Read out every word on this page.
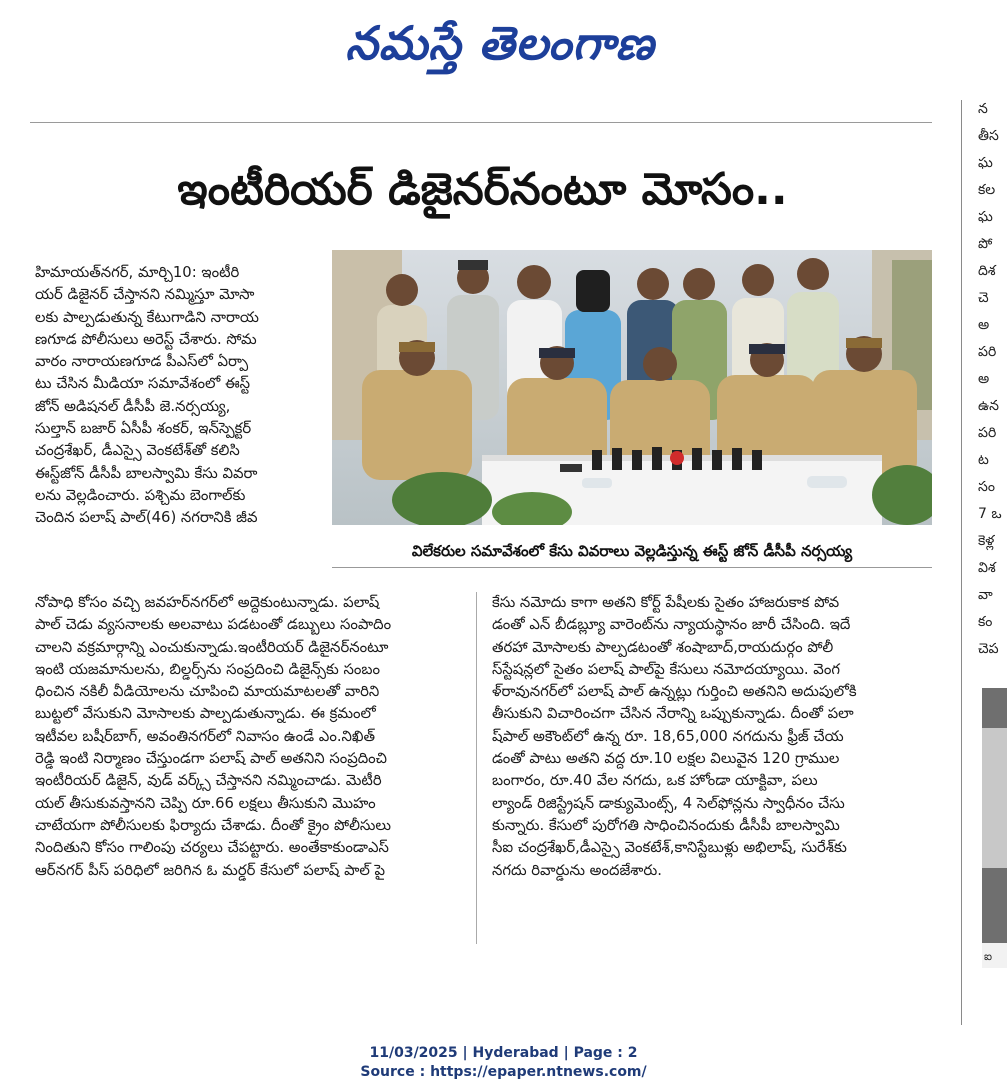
నమస్తే తెలంగాణ
ఇంటీరియర్ డిజైనర్‌నంటూ మోసం..
హిమాయత్‌నగర్, మార్చి10: ఇంటీరి
యర్ డిజైనర్ చేస్తానని నమ్మిస్తూ మోసా
లకు పాల్పడుతున్న కేటుగాడిని నారాయ
ణగూడ పోలీసులు అరెస్ట్ చేశారు. సోమ
వారం నారాయణగూడ పీఎస్‌లో ఏర్పా
టు చేసిన మీడియా సమావేశంలో ఈస్ట్
జోన్ అడిషనల్ డీసీపీ జె.నర్సయ్య,
సుల్తాన్ బజార్ ఏసీపీ శంకర్, ఇన్‌స్పెక్టర్
చంద్రశేఖర్, డీఎస్సై వెంకటేశ్‌తో కలిసి
ఈస్ట్‌జోన్ డీసీపీ బాలస్వామి కేసు వివరా
లను వెల్లడించారు. పశ్చిమ బెంగాల్‌కు
చెందిన పలాష్ పాల్(46) నగరానికి జీవ
విలేకరుల సమావేశంలో కేసు వివరాలు వెల్లడిస్తున్న ఈస్ట్ జోన్ డీసీపీ నర్సయ్య
నోపాధి కోసం వచ్చి జవహర్‌నగర్‌లో అద్దెకుంటున్నాడు. పలాష్
పాల్ చెడు వ్యసనాలకు అలవాటు పడటంతో డబ్బులు సంపాదిం
చాలని వక్రమార్గాన్ని ఎంచుకున్నాడు.ఇంటీరియర్ డిజైనర్‌నంటూ
ఇంటి యజమానులను, బిల్డర్స్‌ను సంప్రదించి డిజైన్స్‌కు సంబం
ధించిన నకిలీ వీడియోలను చూపించి మాయమాటలతో వారిని
బుట్టలో వేసుకుని మోసాలకు పాల్పడుతున్నాడు. ఈ క్రమంలో
ఇటీవల బషీర్‌బాగ్, అవంతినగర్‌లో నివాసం ఉండే ఎం.నిఖిత్
రెడ్డి ఇంటి నిర్మాణం చేస్తుండగా పలాష్ పాల్ అతనిని సంప్రదించి
ఇంటీరియర్ డిజైన్, వుడ్ వర్క్స్ చేస్తానని నమ్మించాడు. మెటీరి
యల్ తీసుకువస్తానని చెప్పి రూ.66 లక్షలు తీసుకుని మొహం
చాటేయగా పోలీసులకు ఫిర్యాదు చేశాడు. దీంతో క్రైం పోలీసులు
నిందితుని కోసం గాలింపు చర్యలు చేపట్టారు. అంతేకాకుండాఎస్
ఆర్‌నగర్ పీస్ పరిధిలో జరిగిన ఓ మర్డర్ కేసులో పలాష్ పాల్ పై
కేసు నమోదు కాగా అతని కోర్ట్ పేషీలకు సైతం హాజరుకాక పోవ
డంతో ఎన్ బీడబ్ల్యూ వారెంట్‌ను న్యాయస్థానం జారీ చేసింది. ఇదే
తరహా మోసాలకు పాల్పడటంతో శంషాబాద్,రాయదుర్గం పోలీ
స్‌స్టేషన్లలో సైతం పలాష్ పాల్‌పై కేసులు నమోదయ్యాయి. వెంగ
ళ్‌రావునగర్‌లో పలాష్ పాల్ ఉన్నట్లు గుర్తించి అతనిని అదుపులోకి
తీసుకుని విచారించగా చేసిన నేరాన్ని ఒప్పుకున్నాడు. దీంతో పలా
ష్‌పాల్ అకౌంట్‌లో ఉన్న రూ. 18,65,000 నగదును ఫ్రీజ్ చేయ
డంతో పాటు అతని వద్ద రూ.10 లక్షల విలువైన 120 గ్రాముల
బంగారం, రూ.40 వేల నగదు, ఒక హోండా యాక్టివా, పలు
ల్యాండ్ రిజిస్ట్రేషన్ డాక్యుమెంట్స్, 4 సెల్‌ఫోన్లను స్వాధీనం చేసు
కున్నారు. కేసులో పురోగతి సాధించినందుకు డీసీపీ బాలస్వామి
సీఐ చంద్రశేఖర్,డీఎస్సై వెంకటేశ్,కానిస్టేబుళ్లు అభిలాష్, సురేశ్‌కు
నగదు రివార్డును అందజేశారు.
న
తీస
ఘ
కల
ఘ
పో
దిశ
చె
అ
పరి
అ
ఉన
పరి
ట
సం
7 ఒ
కెళ్ల
విశ
వా
కం
చెప
ఐ
11/03/2025 | Hyderabad | Page : 2
Source : https://epaper.ntnews.com/
